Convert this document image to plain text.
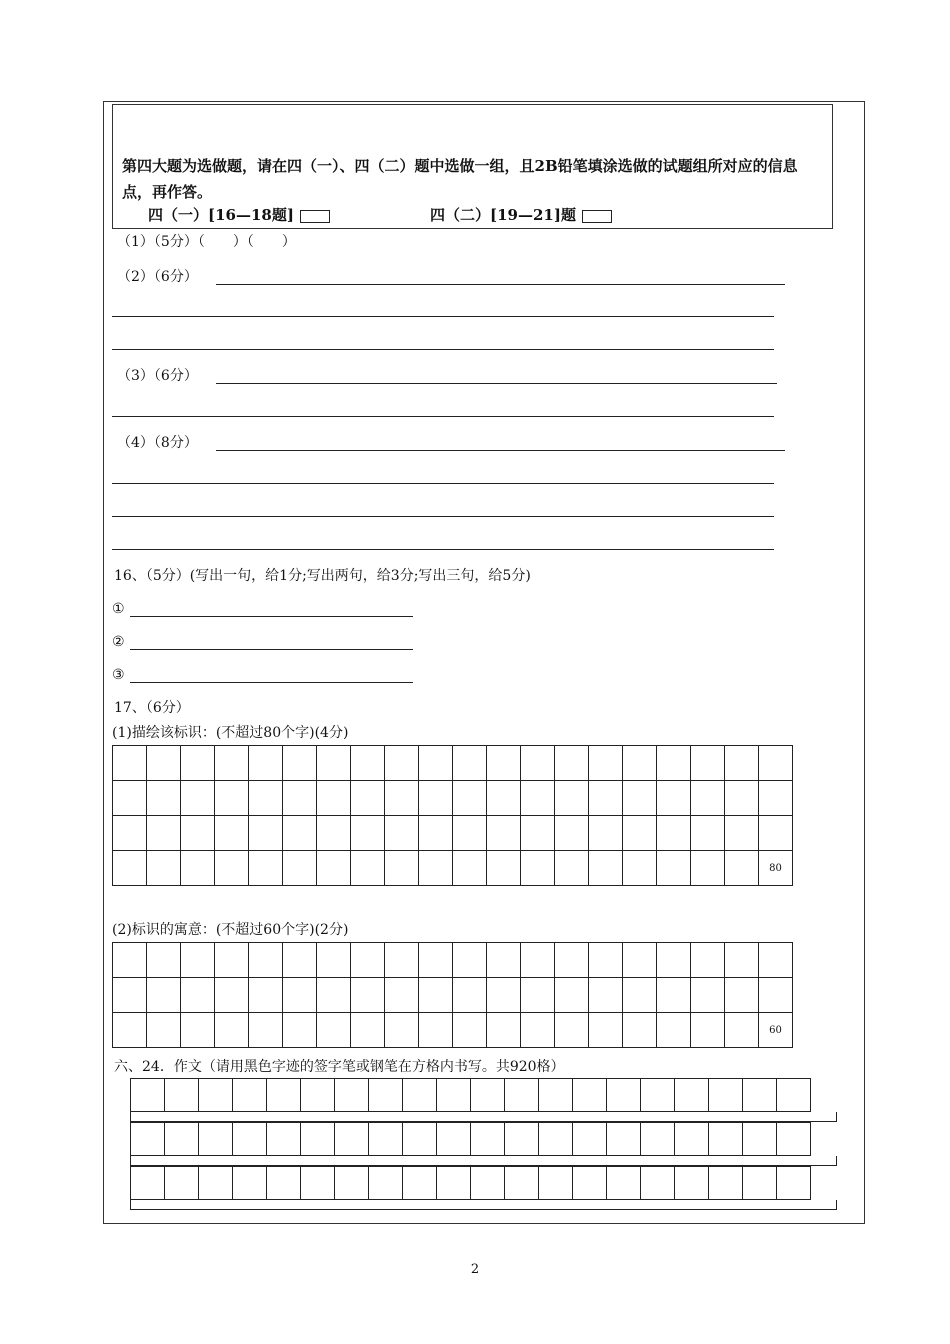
第四大题为选做题，请在四（一）、四（二）题中选做一组，且2B铅笔填涂选做的试题组所对应的信息点，再作答。
四（一）[16—18题]	四（二）[19—21]题
（1）（5分）（　　）（　　）
（2）（6分）
（3）（6分）
（4）（8分）
16、（5分）(写出一句，给1分;写出两句，给3分;写出三句，给5分)
①
②
③
17、（6分）
(1)描绘该标识：(不超过80个字)(4分)

																			80
(2)标识的寓意：(不超过60个字)(2分)

																			60
六、24．作文（请用黑色字迹的签字笔或钢笔在方格内书写。共920格）

2
